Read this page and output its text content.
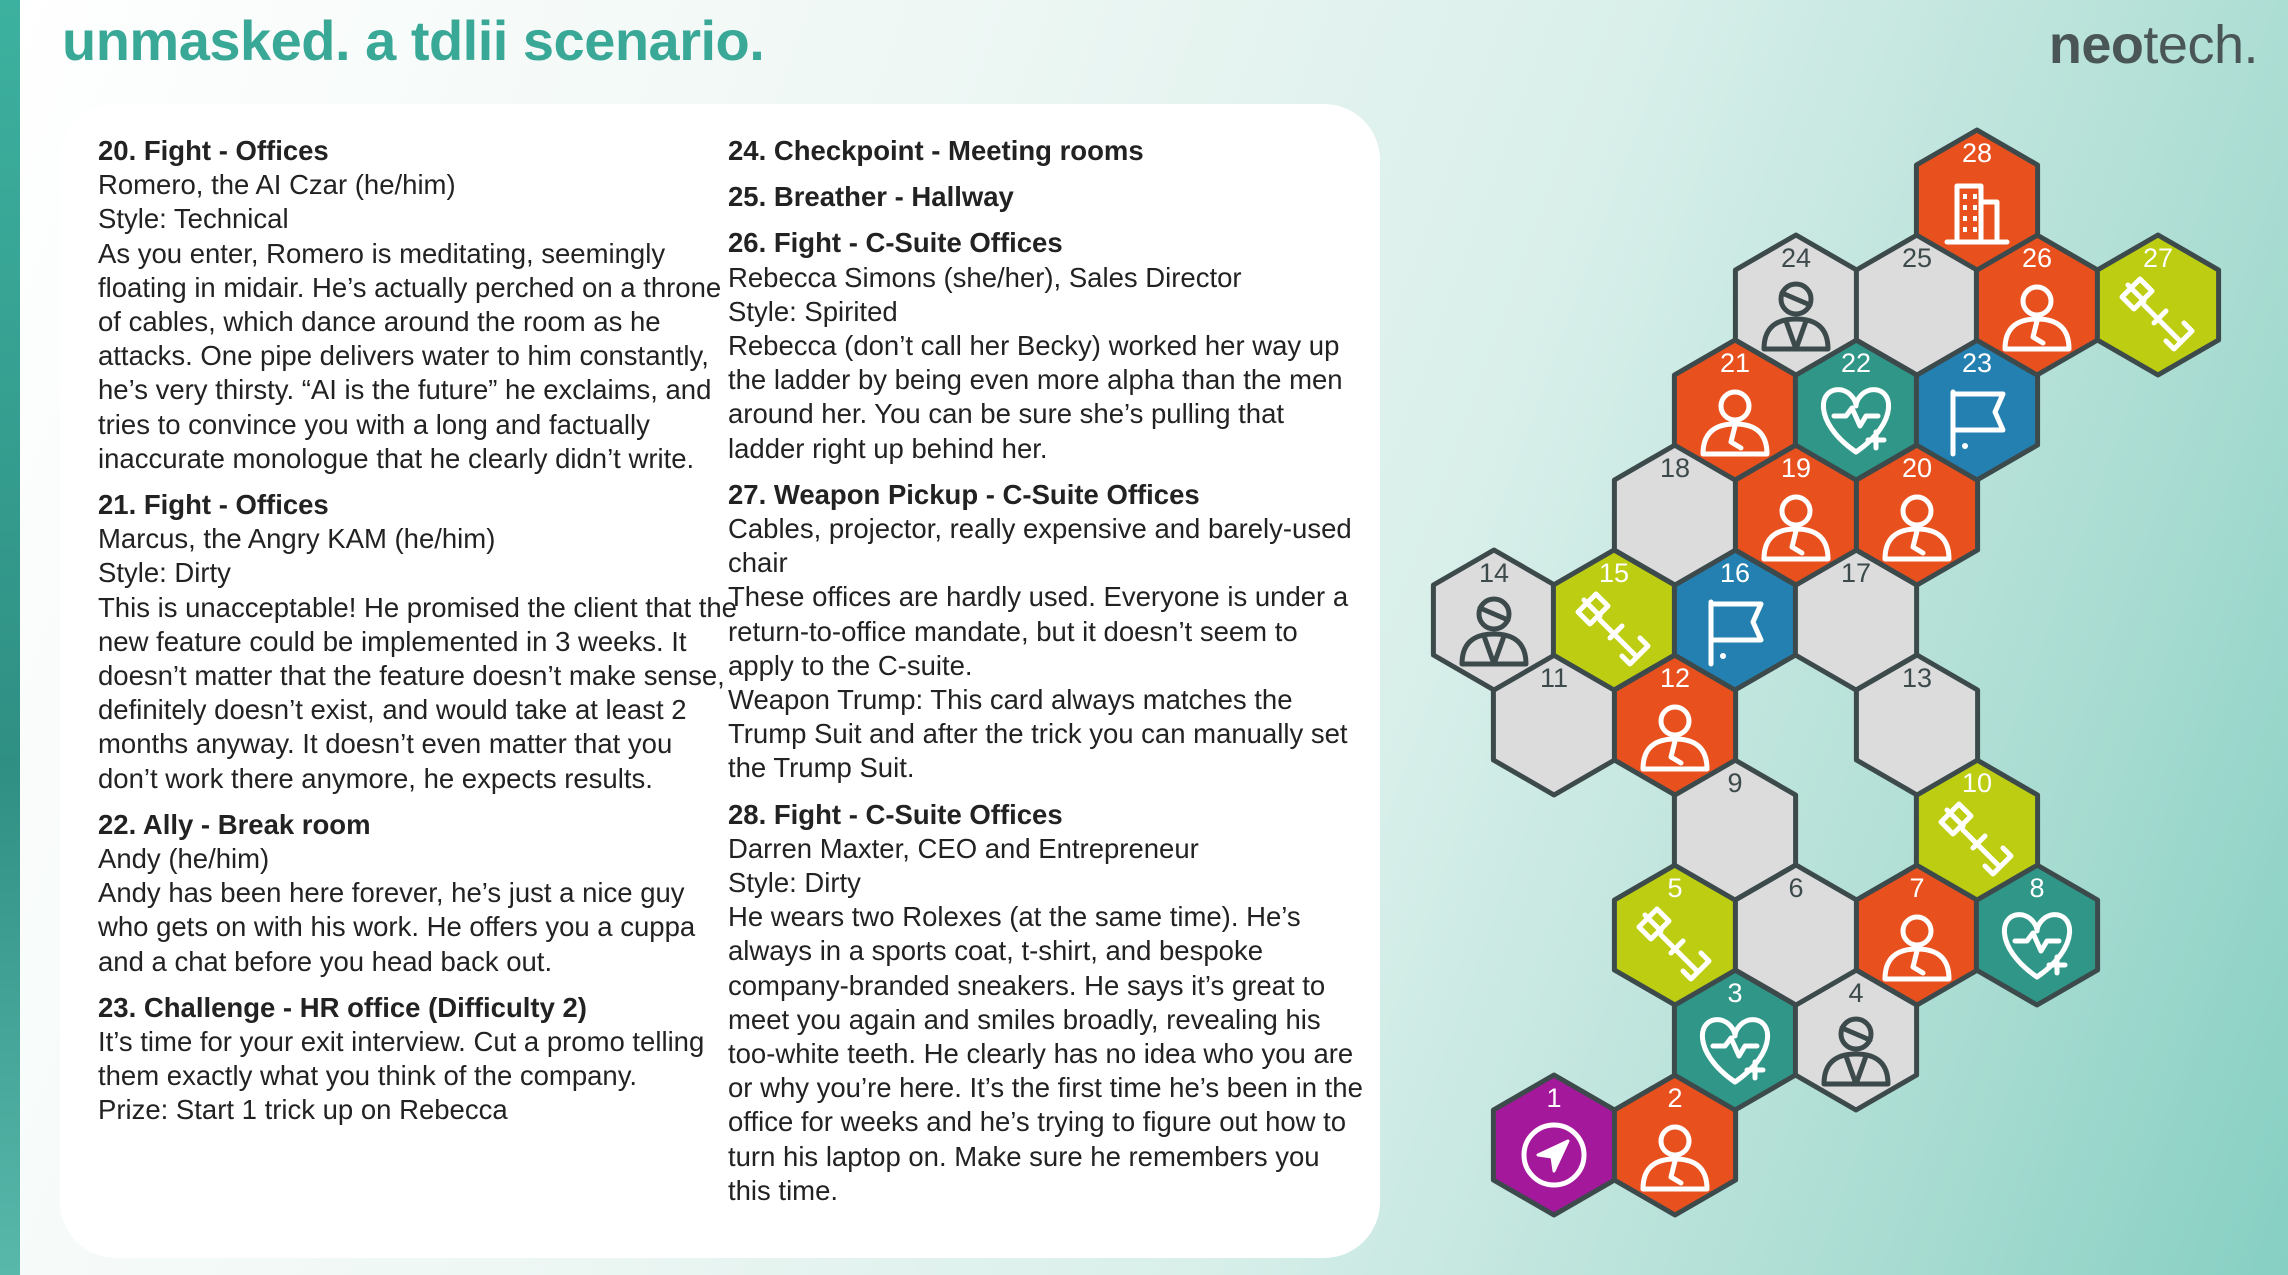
unmasked. a tdlii scenario.	neotech.
20. Fight - Offices

Romero, the AI Czar (he/him)

Style: Technical

As you enter, Romero is meditating, seemingly floating in midair. He’s actually perched on a throne of cables, which dance around the room as he attacks. One pipe delivers water to him constantly, he’s very thirsty. “AI is the future” he exclaims, and tries to convince you with a long and factually inaccurate monologue that he clearly didn’t write.

21. Fight - Offices

Marcus, the Angry KAM (he/him)

Style: Dirty

This is unacceptable! He promised the client that the new feature could be implemented in 3 weeks. It doesn’t matter that the feature doesn’t make sense, definitely doesn’t exist, and would take at least 2 months anyway. It doesn’t even matter that you don’t work there anymore, he expects results.

22. Ally - Break room

Andy (he/him)

Andy has been here forever, he’s just a nice guy who gets on with his work. He offers you a cuppa and a chat before you head back out.

23. Challenge - HR office (Difficulty 2)

It’s time for your exit interview. Cut a promo telling them exactly what you think of the company.

Prize: Start 1 trick up on Rebecca

24. Checkpoint - Meeting rooms
25. Breather - Hallway
26. Fight - C-Suite Offices

Rebecca Simons (she/her), Sales Director

Style: Spirited

Rebecca (don’t call her Becky) worked her way up the ladder by being even more alpha than the men around her. You can be sure she’s pulling that ladder right up behind her.

27. Weapon Pickup - C-Suite Offices

Cables, projector, really expensive and barely-used chair

These offices are hardly used. Everyone is under a return-to-office mandate, but it doesn’t seem to apply to the C-suite.

Weapon Trump: This card always matches the Trump Suit and after the trick you can manually set the Trump Suit.

28. Fight - C-Suite Offices

Darren Maxter, CEO and Entrepreneur

Style: Dirty

He wears two Rolexes (at the same time). He’s always in a sports coat, t-shirt, and bespoke company-branded sneakers. He says it’s great to meet you again and smiles broadly, revealing his too-white teeth. He clearly has no idea who you are or why you’re here. It’s the first time he’s been in the office for weeks and he’s trying to figure out how to turn his laptop on. Make sure he remembers you this time.

1	2
3	4
5	6	7	8
9	10
11	12	13
14	15	16	17
18	19	20
21	22	23
24	25	26	27
28
